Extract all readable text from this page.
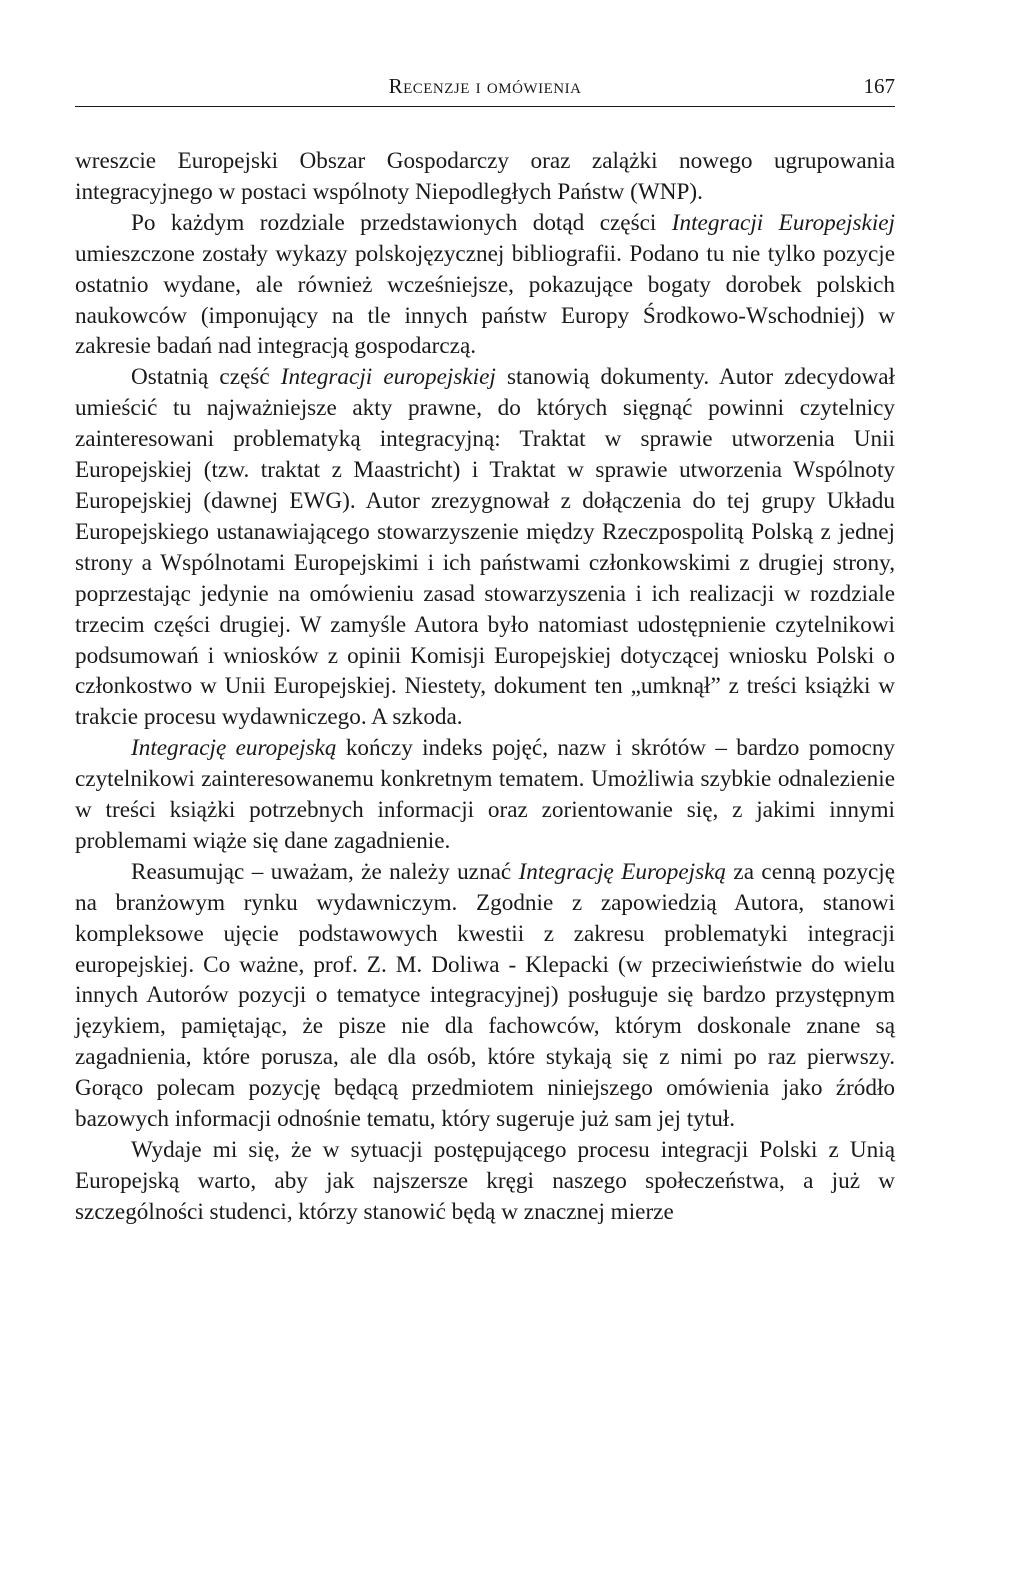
Recenzje i omówienia	167

wreszcie Europejski Obszar Gospodarczy oraz zalążki nowego ugrupowania integracyjnego w postaci wspólnoty Niepodległych Państw (WNP).

Po każdym rozdziale przedstawionych dotąd części Integracji Europejskiej umieszczone zostały wykazy polskojęzycznej bibliografii. Podano tu nie tylko pozycje ostatnio wydane, ale również wcześniejsze, pokazujące bogaty dorobek polskich naukowców (imponujący na tle innych państw Europy Środkowo-Wschodniej) w zakresie badań nad integracją gospodarczą.

Ostatnią część Integracji europejskiej stanowią dokumenty. Autor zdecydował umieścić tu najważniejsze akty prawne, do których sięgnąć powinni czytelnicy zainteresowani problematyką integracyjną: Traktat w sprawie utworzenia Unii Europejskiej (tzw. traktat z Maastricht) i Traktat w sprawie utworzenia Wspólnoty Europejskiej (dawnej EWG). Autor zrezygnował z dołączenia do tej grupy Układu Europejskiego ustanawiającego stowarzyszenie między Rzeczpospolitą Polską z jednej strony a Wspólnotami Europejskimi i ich państwami członkowskimi z drugiej strony, poprzestając jedynie na omówieniu zasad stowarzyszenia i ich realizacji w rozdziale trzecim części drugiej. W zamyśle Autora było natomiast udostępnienie czytelnikowi podsumowań i wniosków z opinii Komisji Europejskiej dotyczącej wniosku Polski o członkostwo w Unii Europejskiej. Niestety, dokument ten „umknął” z treści książki w trakcie procesu wydawniczego. A szkoda.

Integrację europejską kończy indeks pojęć, nazw i skrótów – bardzo pomocny czytelnikowi zainteresowanemu konkretnym tematem. Umożliwia szybkie odnalezienie w treści książki potrzebnych informacji oraz zorientowanie się, z jakimi innymi problemami wiąże się dane zagadnienie.

Reasumując – uważam, że należy uznać Integrację Europejską za cenną pozycję na branżowym rynku wydawniczym. Zgodnie z zapowiedzią Autora, stanowi kompleksowe ujęcie podstawowych kwestii z zakresu problematyki integracji europejskiej. Co ważne, prof. Z. M. Doliwa - Klepacki (w przeciwieństwie do wielu innych Autorów pozycji o tematyce integracyjnej) posługuje się bardzo przystępnym językiem, pamiętając, że pisze nie dla fachowców, którym doskonale znane są zagadnienia, które porusza, ale dla osób, które stykają się z nimi po raz pierwszy. Gorąco polecam pozycję będącą przedmiotem niniejszego omówienia jako źródło bazowych informacji odnośnie tematu, który sugeruje już sam jej tytuł.

Wydaje mi się, że w sytuacji postępującego procesu integracji Polski z Unią Europejską warto, aby jak najszersze kręgi naszego społeczeństwa, a już w szczególności studenci, którzy stanowić będą w znacznej mierze
